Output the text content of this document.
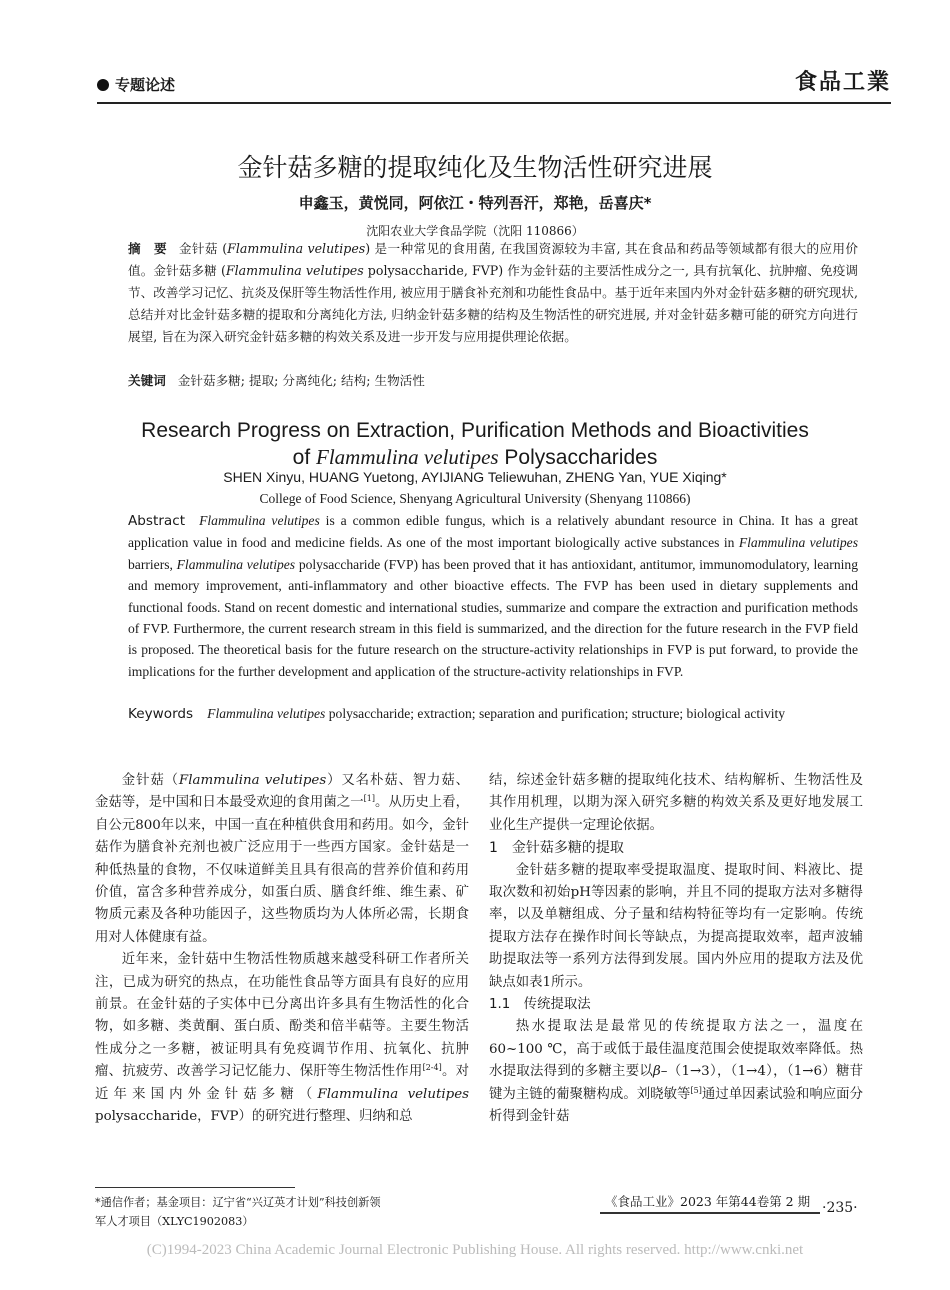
专题论述	食品工業
金针菇多糖的提取纯化及生物活性研究进展
申鑫玉，黄悦同，阿依江・特列吾汗，郑艳，岳喜庆*
沈阳农业大学食品学院（沈阳 110866）
摘　要 金针菇 (Flammulina velutipes) 是一种常见的食用菌, 在我国资源较为丰富, 其在食品和药品等领域都有很大的应用价值。金针菇多糖 (Flammulina velutipes polysaccharide, FVP) 作为金针菇的主要活性成分之一, 具有抗氧化、抗肿瘤、免疫调节、改善学习记忆、抗炎及保肝等生物活性作用, 被应用于膳食补充剂和功能性食品中。基于近年来国内外对金针菇多糖的研究现状, 总结并对比金针菇多糖的提取和分离纯化方法, 归纳金针菇多糖的结构及生物活性的研究进展, 并对金针菇多糖可能的研究方向进行展望, 旨在为深入研究金针菇多糖的构效关系及进一步开发与应用提供理论依据。
关键词 金针菇多糖; 提取; 分离纯化; 结构; 生物活性
Research Progress on Extraction, Purification Methods and Bioactivities
of Flammulina velutipes Polysaccharides
SHEN Xinyu, HUANG Yuetong, AYIJIANG Teliewuhan, ZHENG Yan, YUE Xiqing*
College of Food Science, Shenyang Agricultural University (Shenyang 110866)
Abstract Flammulina velutipes is a common edible fungus, which is a relatively abundant resource in China. It has a great application value in food and medicine fields. As one of the most important biologically active substances in Flammulina velutipes barriers, Flammulina velutipes polysaccharide (FVP) has been proved that it has antioxidant, antitumor, immunomodulatory, learning and memory improvement, anti-inflammatory and other bioactive effects. The FVP has been used in dietary supplements and functional foods. Stand on recent domestic and international studies, summarize and compare the extraction and purification methods of FVP. Furthermore, the current research stream in this field is summarized, and the direction for the future research in the FVP field is proposed. The theoretical basis for the future research on the structure-activity relationships in FVP is put forward, to provide the implications for the further development and application of the structure-activity relationships in FVP.
Keywords Flammulina velutipes polysaccharide; extraction; separation and purification; structure; biological activity

金针菇（Flammulina velutipes）又名朴菇、智力菇、金菇等，是中国和日本最受欢迎的食用菌之一[1]。从历史上看，自公元800年以来，中国一直在种植供食用和药用。如今，金针菇作为膳食补充剂也被广泛应用于一些西方国家。金针菇是一种低热量的食物，不仅味道鲜美且具有很高的营养价值和药用价值，富含多种营养成分，如蛋白质、膳食纤维、维生素、矿物质元素及各种功能因子，这些物质均为人体所必需，长期食用对人体健康有益。

近年来，金针菇中生物活性物质越来越受科研工作者所关注，已成为研究的热点，在功能性食品等方面具有良好的应用前景。在金针菇的子实体中已分离出许多具有生物活性的化合物，如多糖、类黄酮、蛋白质、酚类和倍半萜等。主要生物活性成分之一多糖，被证明具有免疫调节作用、抗氧化、抗肿瘤、抗疲劳、改善学习记忆能力、保肝等生物活性作用[2-4]。对近年来国内外金针菇多糖（Flammulina velutipes polysaccharide，FVP）的研究进行整理、归纳和总

结，综述金针菇多糖的提取纯化技术、结构解析、生物活性及其作用机理，以期为深入研究多糖的构效关系及更好地发展工业化生产提供一定理论依据。

1　金针菇多糖的提取

金针菇多糖的提取率受提取温度、提取时间、料液比、提取次数和初始pH等因素的影响，并且不同的提取方法对多糖得率，以及单糖组成、分子量和结构特征等均有一定影响。传统提取方法存在操作时间长等缺点，为提高提取效率，超声波辅助提取法等一系列方法得到发展。国内外应用的提取方法及优缺点如表1所示。

1.1　传统提取法

热水提取法是最常见的传统提取方法之一，温度在60~100 ℃，高于或低于最佳温度范围会使提取效率降低。热水提取法得到的多糖主要以β–（1→3），（1→4），（1→6）糖苷键为主链的葡聚糖构成。刘晓敏等[5]通过单因素试验和响应面分析得到金针菇

*通信作者；基金项目：辽宁省“兴辽英才计划”科技创新领
军人才项目（XLYC1902083）
《食品工业》2023 年第44卷第 2 期 ·235·
(C)1994-2023 China Academic Journal Electronic Publishing House. All rights reserved. http://www.cnki.net
